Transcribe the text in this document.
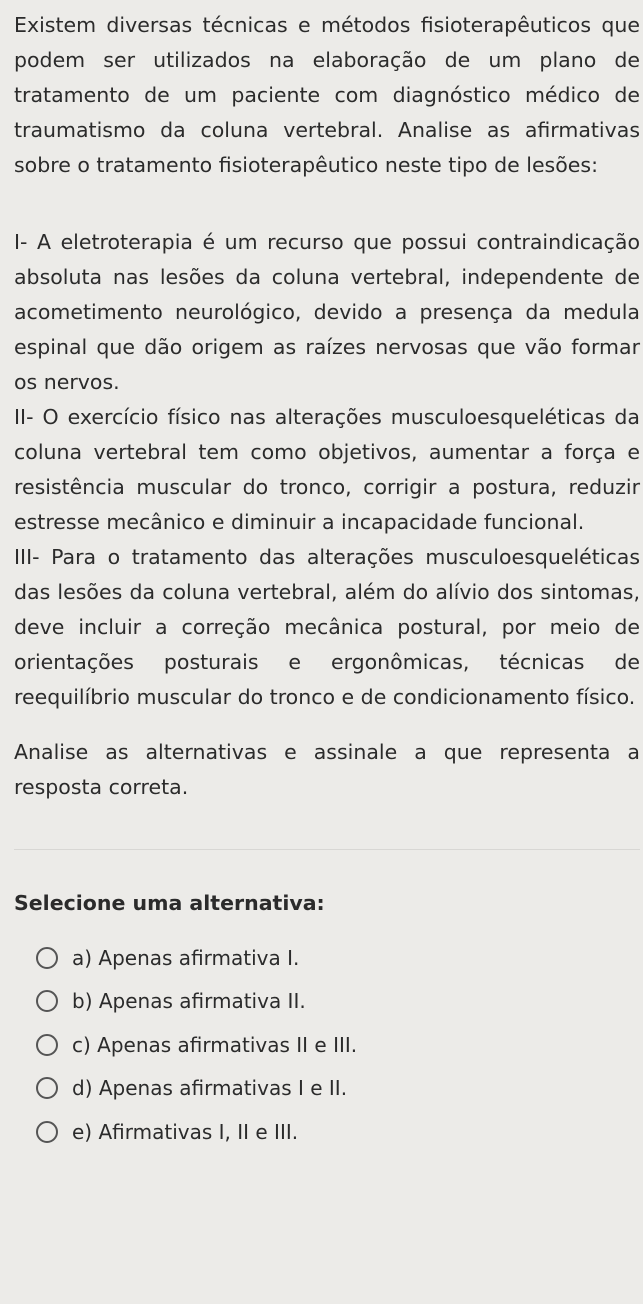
Existem diversas técnicas e métodos fisioterapêuticos que podem ser utilizados na elaboração de um plano de tratamento de um paciente com diagnóstico médico de traumatismo da coluna vertebral. Analise as afirmativas sobre o tratamento fisioterapêutico neste tipo de lesões:

I- A eletroterapia é um recurso que possui contraindicação absoluta nas lesões da coluna vertebral, independente de acometimento neurológico, devido a presença da medula espinal que dão origem as raízes nervosas que vão formar os nervos.

II- O exercício físico nas alterações musculoesqueléticas da coluna vertebral tem como objetivos, aumentar a força e resistência muscular do tronco, corrigir a postura, reduzir estresse mecânico e diminuir a incapacidade funcional.

III- Para o tratamento das alterações musculoesqueléticas das lesões da coluna vertebral, além do alívio dos sintomas, deve incluir a correção mecânica postural, por meio de orientações posturais e ergonômicas, técnicas de reequilíbrio muscular do tronco e de condicionamento físico.

Analise as alternativas e assinale a que representa a resposta correta.

Selecione uma alternativa:
a) Apenas afirmativa I.
b) Apenas afirmativa II.
c) Apenas afirmativas II e III.
d) Apenas afirmativas I e II.
e) Afirmativas I, II e III.
